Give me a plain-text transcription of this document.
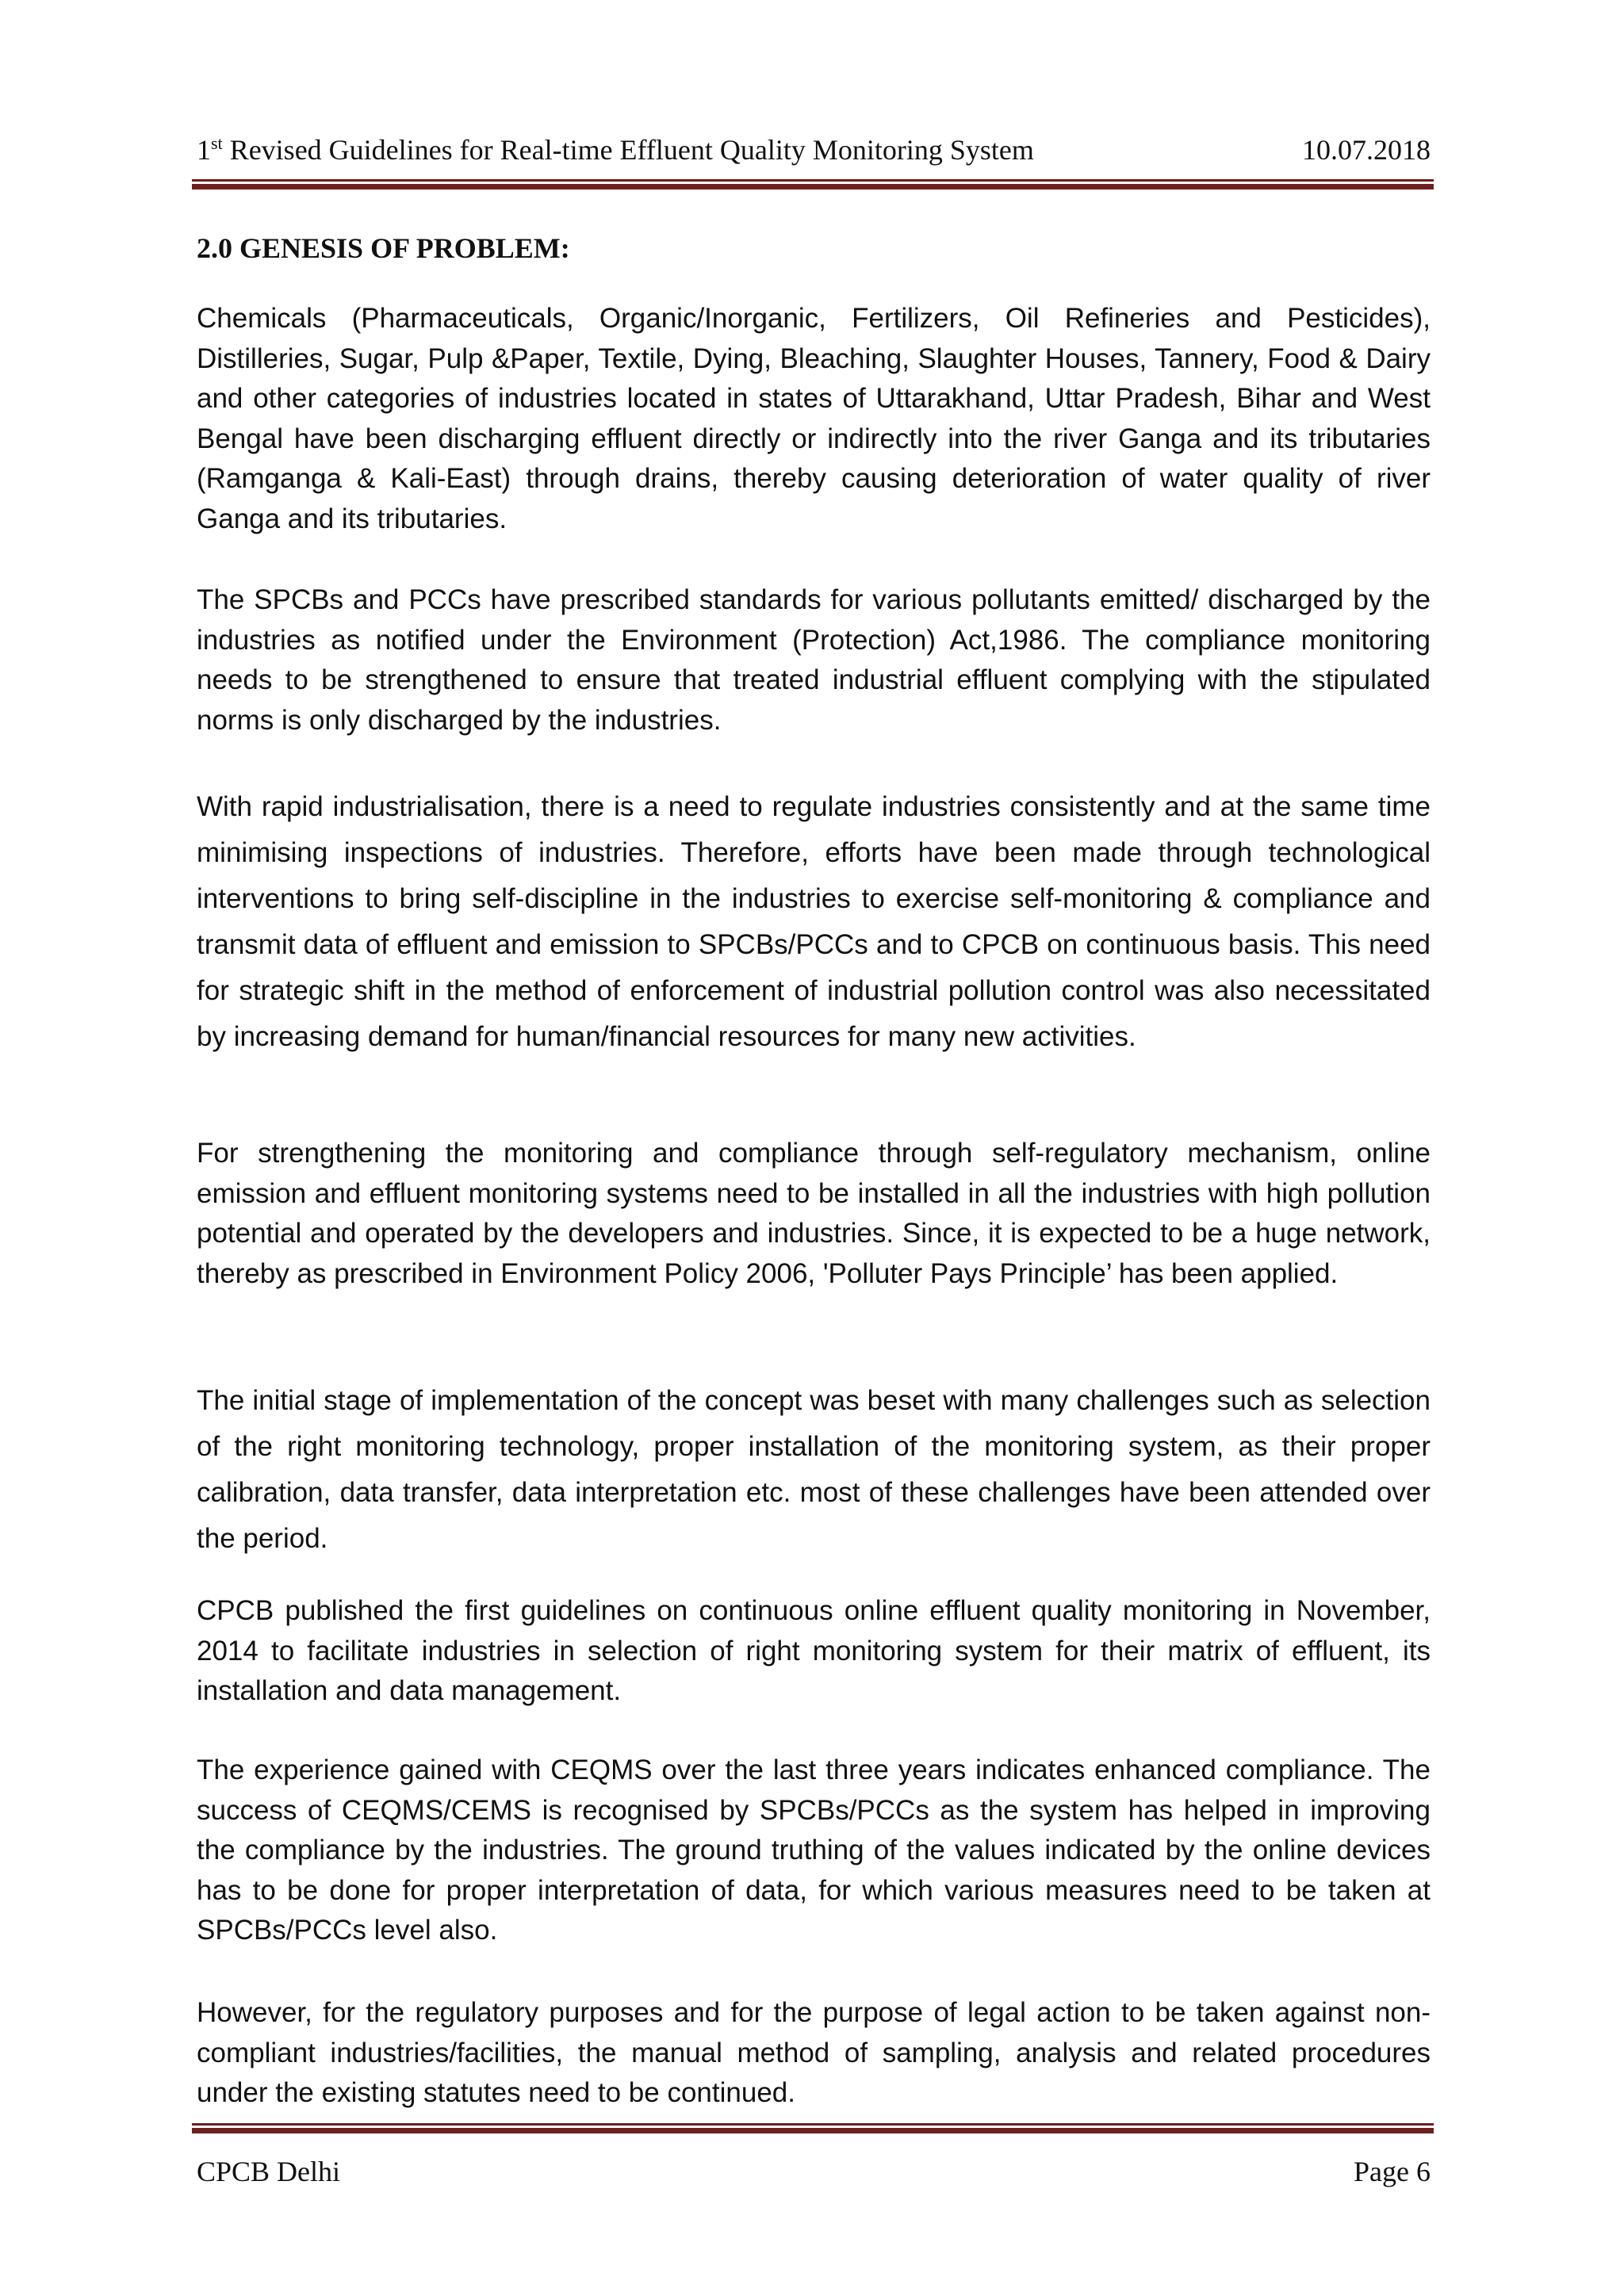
1st Revised Guidelines for Real-time Effluent Quality Monitoring System	10.07.2018
2.0 GENESIS OF PROBLEM:

Chemicals (Pharmaceuticals, Organic/Inorganic, Fertilizers, Oil Refineries and Pesticides), Distilleries, Sugar, Pulp &Paper, Textile, Dying, Bleaching, Slaughter Houses, Tannery, Food & Dairy and other categories of industries located in states of Uttarakhand, Uttar Pradesh, Bihar and West Bengal have been discharging effluent directly or indirectly into the river Ganga and its tributaries (Ramganga & Kali-East) through drains, thereby causing deterioration of water quality of river Ganga and its tributaries.

The SPCBs and PCCs have prescribed standards for various pollutants emitted/ discharged by the industries as notified under the Environment (Protection) Act,1986. The compliance monitoring needs to be strengthened to ensure that treated industrial effluent complying with the stipulated norms is only discharged by the industries.

With rapid industrialisation, there is a need to regulate industries consistently and at the same time minimising inspections of industries. Therefore, efforts have been made through technological interventions to bring self-discipline in the industries to exercise self-monitoring & compliance and transmit data of effluent and emission to SPCBs/PCCs and to CPCB on continuous basis. This need for strategic shift in the method of enforcement of industrial pollution control was also necessitated by increasing demand for human/financial resources for many new activities.

For strengthening the monitoring and compliance through self-regulatory mechanism, online emission and effluent monitoring systems need to be installed in all the industries with high pollution potential and operated by the developers and industries. Since, it is expected to be a huge network, thereby as prescribed in Environment Policy 2006, 'Polluter Pays Principle’ has been applied.

The initial stage of implementation of the concept was beset with many challenges such as selection of the right monitoring technology, proper installation of the monitoring system, as their proper calibration, data transfer, data interpretation etc. most of these challenges have been attended over the period.

CPCB published the first guidelines on continuous online effluent quality monitoring in November, 2014 to facilitate industries in selection of right monitoring system for their matrix of effluent, its installation and data management.

The experience gained with CEQMS over the last three years indicates enhanced compliance. The success of CEQMS/CEMS is recognised by SPCBs/PCCs as the system has helped in improving the compliance by the industries. The ground truthing of the values indicated by the online devices has to be done for proper interpretation of data, for which various measures need to be taken at SPCBs/PCCs level also.

However, for the regulatory purposes and for the purpose of legal action to be taken against non-compliant industries/facilities, the manual method of sampling, analysis and related procedures under the existing statutes need to be continued.

CPCB Delhi	Page 6
